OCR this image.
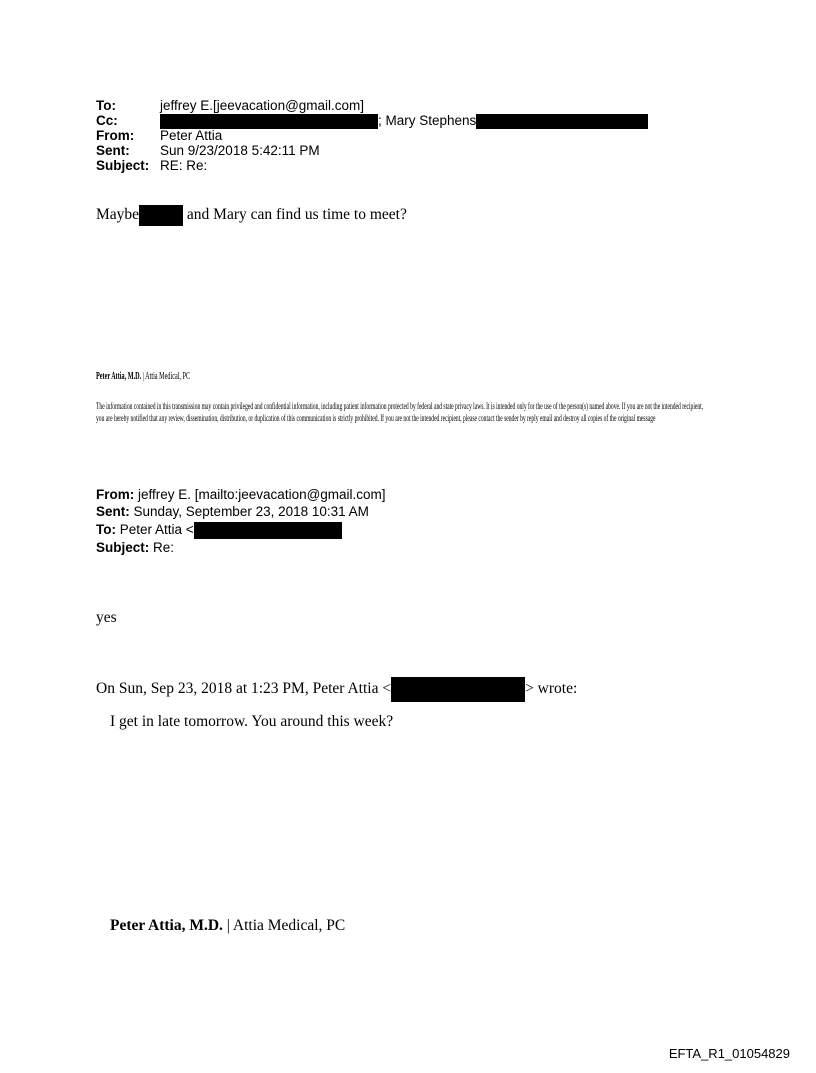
To:	jeffrey E.[jeevacation@gmail.com]
Cc:	; Mary Stephens
From: Peter Attia
Sent: Sun 9/23/2018 5:42:11 PM
Subject: RE: Re:
Maybe	and Mary can find us time to meet?
Peter Attia, M.D. | Attia Medical, PC
The information contained in this transmission may contain privileged and confidential information, including patient information protected by federal and state privacy laws. It is intended only for the use of the person(s) named above. If you are not the intended recipient, you are hereby notified that any review, dissemination, distribution, or duplication of this communication is strictly prohibited. If you are not the intended recipient, please contact the sender by reply email and destroy all copies of the original message
From: jeffrey E. [mailto:jeevacation@gmail.com]
Sent: Sunday, September 23, 2018 10:31 AM
To: Peter Attia <
Subject: Re:
yes
On Sun, Sep 23, 2018 at 1:23 PM, Peter Attia <	> wrote:
I get in late tomorrow. You around this week?
Peter Attia, M.D. | Attia Medical, PC
EFTA_R1_01054829
